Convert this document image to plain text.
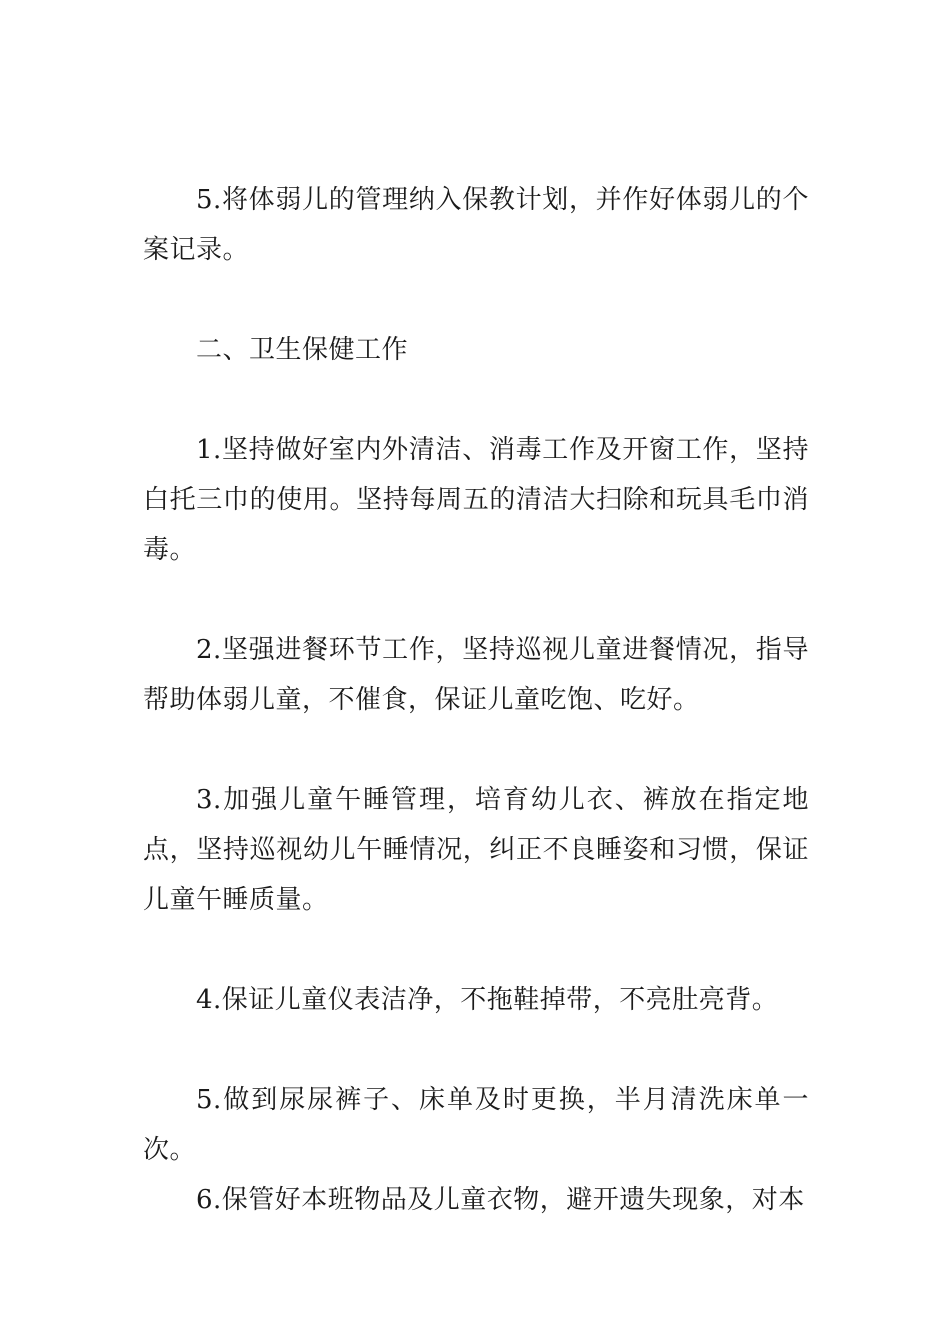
5.将体弱儿的管理纳入保教计划，并作好体弱儿的个案记录。

二、卫生保健工作

1.坚持做好室内外清洁、消毒工作及开窗工作，坚持白托三巾的使用。坚持每周五的清洁大扫除和玩具毛巾消毒。

2.坚强进餐环节工作，坚持巡视儿童进餐情况，指导帮助体弱儿童，不催食，保证儿童吃饱、吃好。

3.加强儿童午睡管理，培育幼儿衣、裤放在指定地点，坚持巡视幼儿午睡情况，纠正不良睡姿和习惯，保证儿童午睡质量。

4.保证儿童仪表洁净，不拖鞋掉带，不亮肚亮背。

5.做到尿尿裤子、床单及时更换，半月清洗床单一次。

6.保管好本班物品及儿童衣物，避开遗失现象，对本
